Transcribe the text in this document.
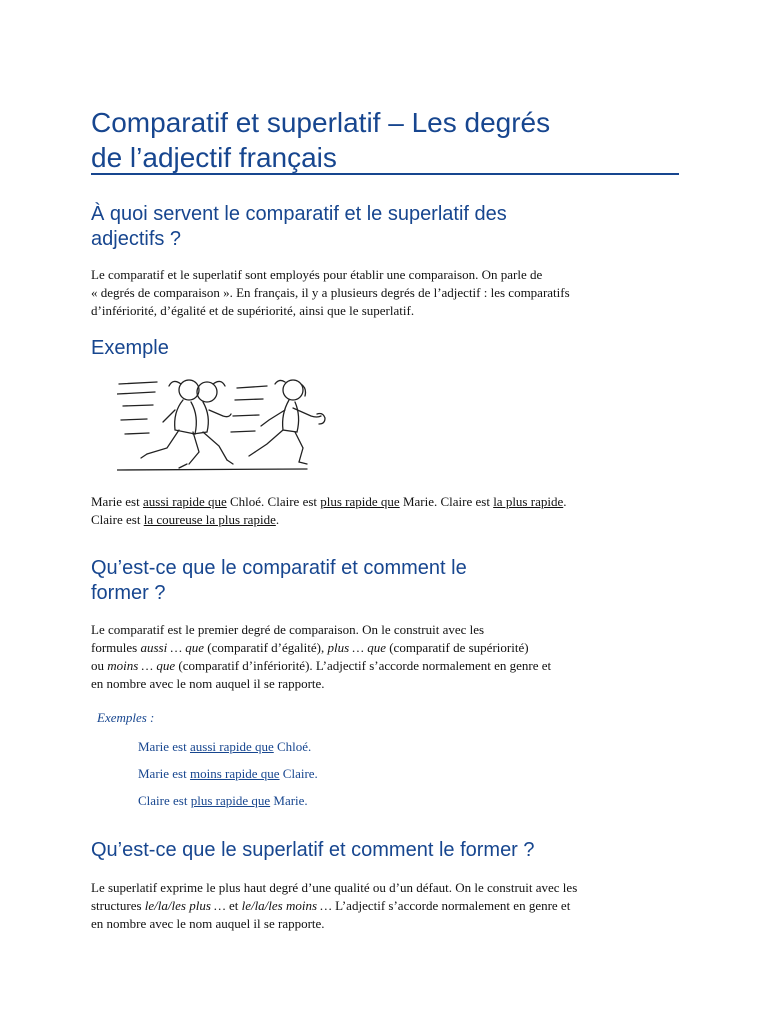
Comparatif et superlatif – Les degrés
de l’adjectif français
À quoi servent le comparatif et le superlatif des
adjectifs ?
Le comparatif et le superlatif sont employés pour établir une comparaison. On parle de
« degrés de comparaison ». En français, il y a plusieurs degrés de l’adjectif : les comparatifs
d’infériorité, d’égalité et de supériorité, ainsi que le superlatif.
Exemple
Marie est aussi rapide que Chloé. Claire est plus rapide que Marie. Claire est la plus rapide.
Claire est la coureuse la plus rapide.
Qu’est-ce que le comparatif et comment le
former ?
Le comparatif est le premier degré de comparaison. On le construit avec les
formules aussi … que (comparatif d’égalité), plus … que (comparatif de supériorité)
ou moins … que (comparatif d’infériorité). L’adjectif s’accorde normalement en genre et
en nombre avec le nom auquel il se rapporte.
Exemples :
Marie est aussi rapide que Chloé.
Marie est moins rapide que Claire.
Claire est plus rapide que Marie.
Qu’est-ce que le superlatif et comment le former ?
Le superlatif exprime le plus haut degré d’une qualité ou d’un défaut. On le construit avec les
structures le/la/les plus … et le/la/les moins … L’adjectif s’accorde normalement en genre et
en nombre avec le nom auquel il se rapporte.
